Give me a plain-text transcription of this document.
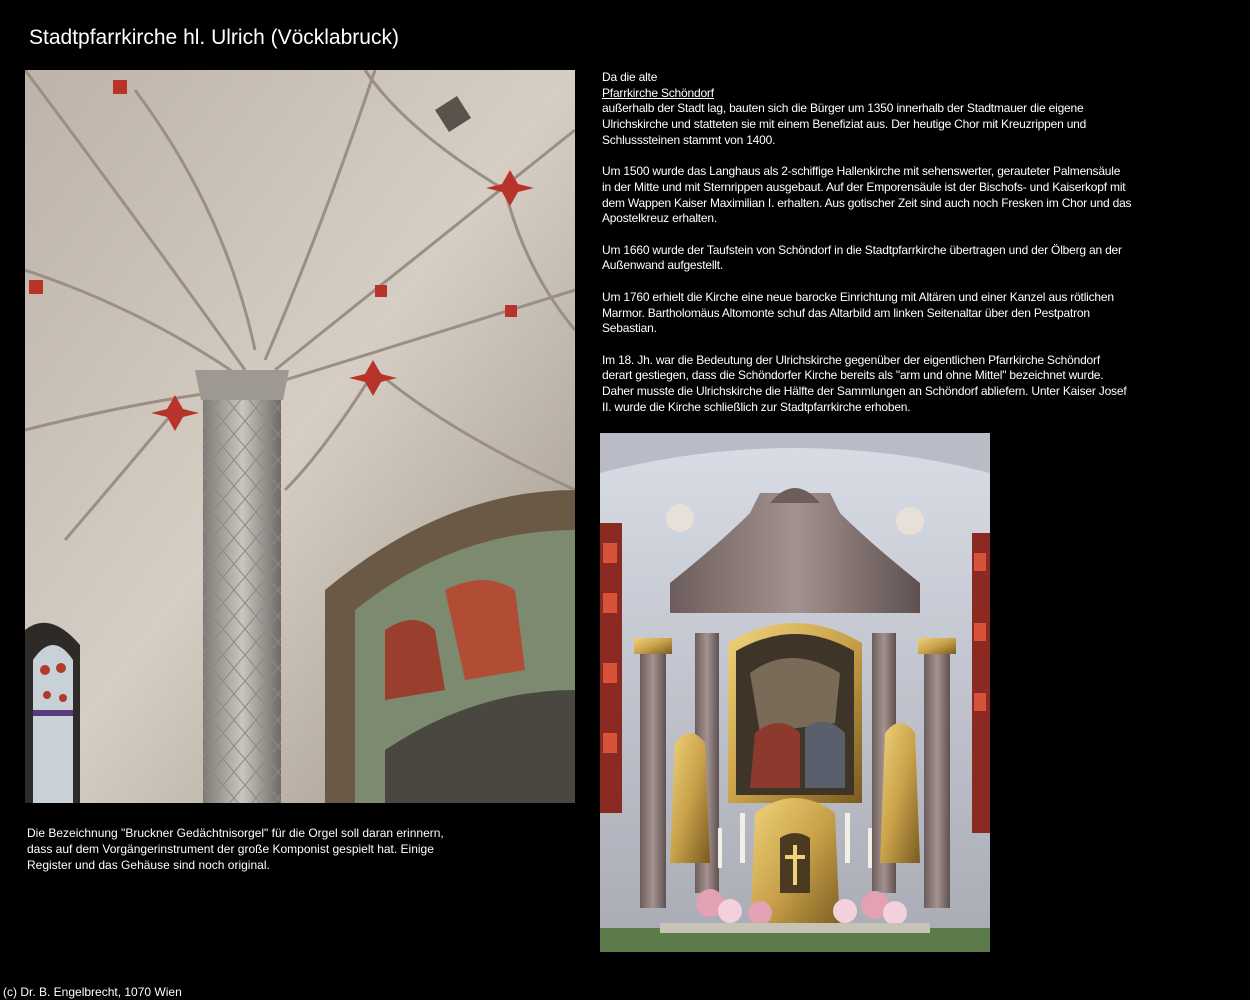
Stadtpfarrkirche hl. Ulrich (Vöcklabruck)
Die Bezeichnung "Bruckner Gedächtnisorgel" für die Orgel soll daran erinnern, dass auf dem Vorgängerinstrument der große Komponist gespielt hat. Einige Register und das Gehäuse sind noch original.

Da die alte
Pfarrkirche Schöndorf
außerhalb der Stadt lag, bauten sich die Bürger um 1350 innerhalb der Stadtmauer die eigene Ulrichskirche und statteten sie mit einem Benefiziat aus. Der heutige Chor mit Kreuzrippen und Schlusssteinen stammt von 1400.

Um 1500 wurde das Langhaus als 2-schiffige Hallenkirche mit sehenswerter, gerauteter Palmensäule in der Mitte und mit Sternrippen ausgebaut. Auf der Emporensäule ist der Bischofs- und Kaiserkopf mit dem Wappen Kaiser Maximilian I. erhalten. Aus gotischer Zeit sind auch noch Fresken im Chor und das Apostelkreuz erhalten.

Um 1660 wurde der Taufstein von Schöndorf in die Stadtpfarrkirche übertragen und der Ölberg an der Außenwand aufgestellt.

Um 1760 erhielt die Kirche eine neue barocke Einrichtung mit Altären und einer Kanzel aus rötlichen Marmor. Bartholomäus Altomonte schuf das Altarbild am linken Seitenaltar über den Pestpatron Sebastian.

Im 18. Jh. war die Bedeutung der Ulrichskirche gegenüber der eigentlichen Pfarrkirche Schöndorf derart gestiegen, dass die Schöndorfer Kirche bereits als "arm und ohne Mittel" bezeichnet wurde. Daher musste die Ulrichskirche die Hälfte der Sammlungen an Schöndorf abliefern. Unter Kaiser Josef II. wurde die Kirche schließlich zur Stadtpfarrkirche erhoben.

(c) Dr. B. Engelbrecht, 1070 Wien
